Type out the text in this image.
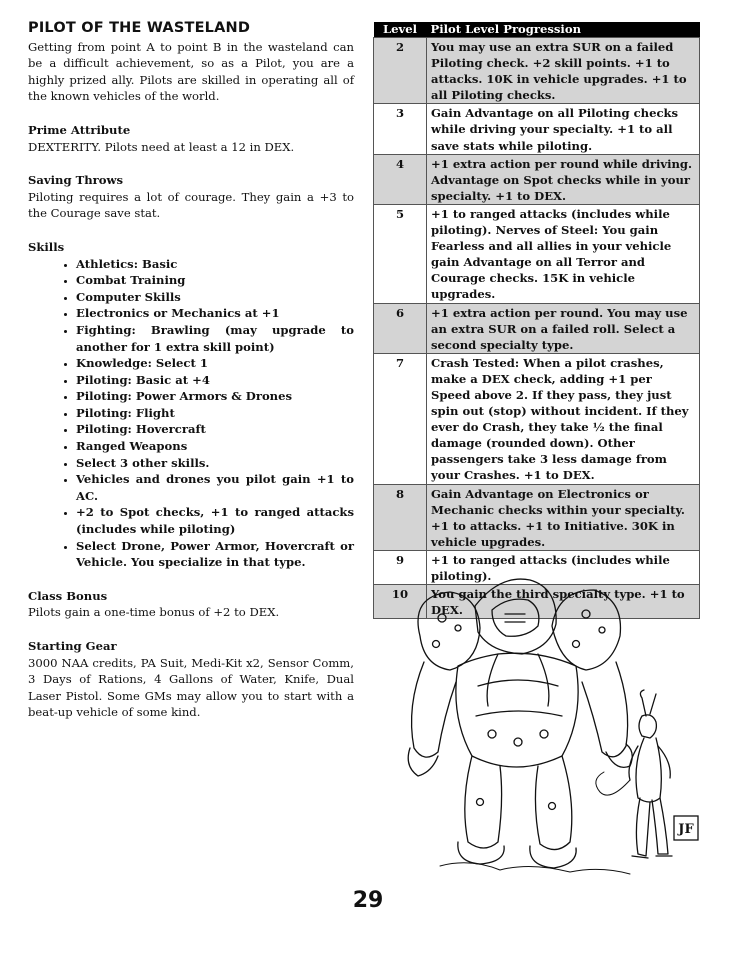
PILOT OF THE WASTELAND

Getting from point A to point B in the wasteland can be a difficult achievement, so as a Pilot, you are a highly prized ally. Pilots are skilled in operating all of the known vehicles of the world.

Prime Attribute

DEXTERITY. Pilots need at least a 12 in DEX.

Saving Throws

Piloting requires a lot of courage. They gain a +3 to the Courage save stat.

Skills
• Athletics: Basic
• Combat Training
• Computer Skills
• Electronics or Mechanics at +1
• Fighting: Brawling (may upgrade to another for 1 extra skill point)
• Knowledge: Select 1
• Piloting: Basic at +4
• Piloting: Power Armors & Drones
• Piloting: Flight
• Piloting: Hovercraft
• Ranged Weapons
• Select 3 other skills.
• Vehicles and drones you pilot gain +1 to AC.
• +2 to Spot checks, +1 to ranged attacks (includes while piloting)
• Select Drone, Power Armor, Hovercraft or Vehicle. You specialize in that type.
Class Bonus

Pilots gain a one-time bonus of +2 to DEX.

Starting Gear

3000 NAA credits, PA Suit, Medi-Kit x2, Sensor Comm, 3 Days of Rations, 4 Gallons of Water, Knife, Dual Laser Pistol. Some GMs may allow you to start with a beat-up vehicle of some kind.

Level	Pilot Level Progression
2	You may use an extra SUR on a failed Piloting check. +2 skill points. +1 to attacks. 10K in vehicle upgrades. +1 to all Piloting checks.
3	Gain Advantage on all Piloting checks while driving your specialty. +1 to all save stats while piloting.
4	+1 extra action per round while driving. Advantage on Spot checks while in your specialty. +1 to DEX.
5	+1 to ranged attacks (includes while piloting). Nerves of Steel: You gain Fearless and all allies in your vehicle gain Advantage on all Terror and Courage checks. 15K in vehicle upgrades.
6	+1 extra action per round. You may use an extra SUR on a failed roll. Select a second specialty type.
7	Crash Tested: When a pilot crashes, make a DEX check, adding +1 per Speed above 2. If they pass, they just spin out (stop) without incident. If they ever do Crash, they take ½ the final damage (rounded down). Other passengers take 3 less damage from your Crashes. +1 to DEX.
8	Gain Advantage on Electronics or Mechanic checks within your specialty. +1 to attacks. +1 to Initiative. 30K in vehicle upgrades.
9	+1 to ranged attacks (includes while piloting).
10	You gain the third specialty type. +1 to DEX.
JF
29
